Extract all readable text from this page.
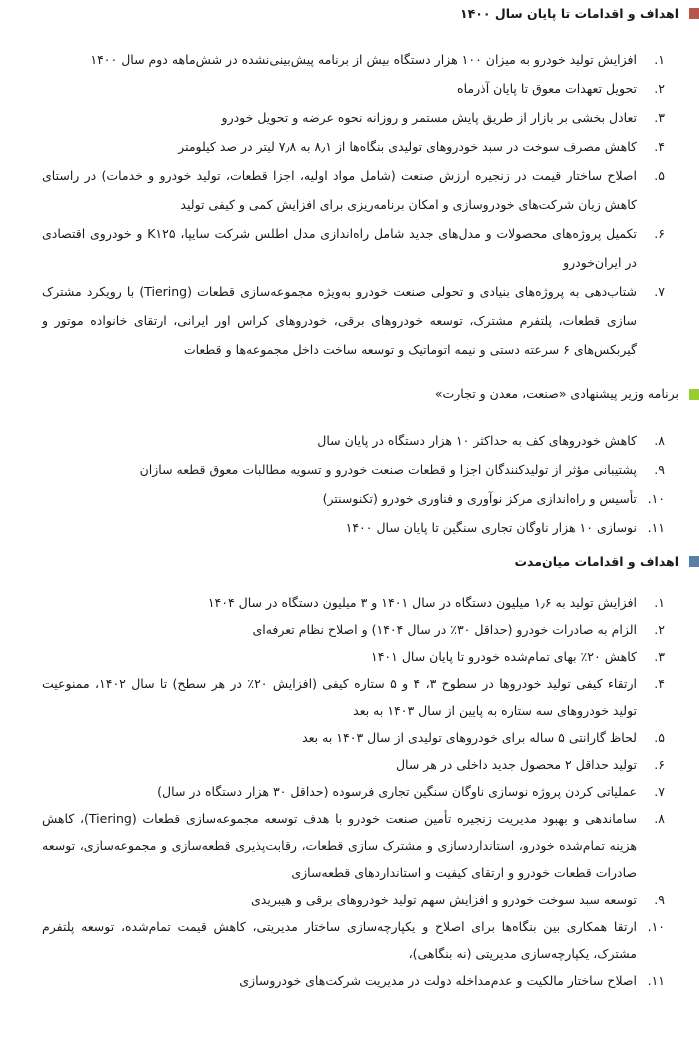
اهداف و اقدامات تا پایان سال ۱۴۰۰
۱.
افزایش تولید خودرو به میزان ۱۰۰ هزار دستگاه بیش از برنامه پیش‌بینی‌نشده در شش‌ماهه دوم سال ۱۴۰۰
۲.
تحویل تعهدات معوق تا پایان آذرماه
۳.
تعادل بخشی بر بازار از طریق پایش مستمر و روزانه نحوه عرضه و تحویل خودرو
۴.
کاهش مصرف سوخت در سبد خودروهای تولیدی بنگاه‌ها از ۸٫۱ به ۷٫۸ لیتر در صد کیلومتر
۵.
اصلاح ساختار قیمت در زنجیره ارزش صنعت (شامل مواد اولیه، اجزا قطعات، تولید خودرو و خدمات) در راستای کاهش زیان شرکت‌های خودروسازی و امکان برنامه‌ریزی برای افزایش کمی و کیفی تولید
۶.
تکمیل پروژه‌های محصولات و مدل‌های جدید شامل راه‌اندازی مدل اطلس شرکت سایپا، K۱۲۵ و خودروی اقتصادی در ایران‌خودرو
۷.
شتاب‌دهی به پروژه‌های بنیادی و تحولی صنعت خودرو به‌ویژه مجموعه‌سازی قطعات (Tiering) با رویکرد مشترک سازی قطعات، پلتفرم مشترک، توسعه خودروهای برقی، خودروهای کراس اور ایرانی، ارتقای خانواده موتور و گیربکس‌های ۶ سرعته دستی و نیمه اتوماتیک و توسعه ساخت داخل مجموعه‌ها و قطعات
برنامه وزیر پیشنهادی «صنعت، معدن و تجارت»
۸.
کاهش خودروهای کف به حداکثر ۱۰ هزار دستگاه در پایان سال
۹.
پشتیبانی مؤثر از تولیدکنندگان اجزا و قطعات صنعت خودرو و تسویه مطالبات معوق قطعه سازان
۱۰.
تأسیس و راه‌اندازی مرکز نوآوری و فناوری خودرو (تکنوسنتر)
۱۱.
نوسازی ۱۰ هزار ناوگان تجاری سنگین تا پایان سال ۱۴۰۰
اهداف و اقدامات میان‌مدت
۱.
افزایش تولید به ۱٫۶ میلیون دستگاه در سال ۱۴۰۱ و ۳ میلیون دستگاه در سال ۱۴۰۴
۲.
الزام به صادرات خودرو (حداقل ۳۰٪ در سال ۱۴۰۴) و اصلاح نظام تعرفه‌ای
۳.
کاهش ۲۰٪ بهای تمام‌شده خودرو تا پایان سال ۱۴۰۱
۴.
ارتقاء کیفی تولید خودروها در سطوح ۳، ۴ و ۵ ستاره کیفی (افزایش ۲۰٪ در هر سطح) تا سال ۱۴۰۲، ممنوعیت تولید خودروهای سه ستاره به پایین از سال ۱۴۰۳ به بعد
۵.
لحاظ گارانتی ۵ ساله برای خودروهای تولیدی از سال ۱۴۰۳ به بعد
۶.
تولید حداقل ۲ محصول جدید داخلی در هر سال
۷.
عملیاتی کردن پروژه نوسازی ناوگان سنگین تجاری فرسوده (حداقل ۳۰ هزار دستگاه در سال)
۸.
ساماندهی و بهبود مدیریت زنجیره تأمین صنعت خودرو با هدف توسعه مجموعه‌سازی قطعات (Tiering)، کاهش هزینه تمام‌شده خودرو، استانداردسازی و مشترک سازی قطعات، رقابت‌پذیری قطعه‌سازی و مجموعه‌سازی، توسعه صادرات قطعات خودرو و ارتقای کیفیت و استانداردهای قطعه‌سازی
۹.
توسعه سبد سوخت خودرو و افزایش سهم تولید خودروهای برقی و هیبریدی
۱۰.
ارتقا همکاری بین بنگاه‌ها برای اصلاح و یکپارچه‌سازی ساختار مدیریتی، کاهش قیمت تمام‌شده، توسعه پلتفرم مشترک، یکپارچه‌سازی مدیریتی (نه بنگاهی)،
۱۱.
اصلاح ساختار مالکیت و عدم‌مداخله دولت در مدیریت شرکت‌های خودروسازی
